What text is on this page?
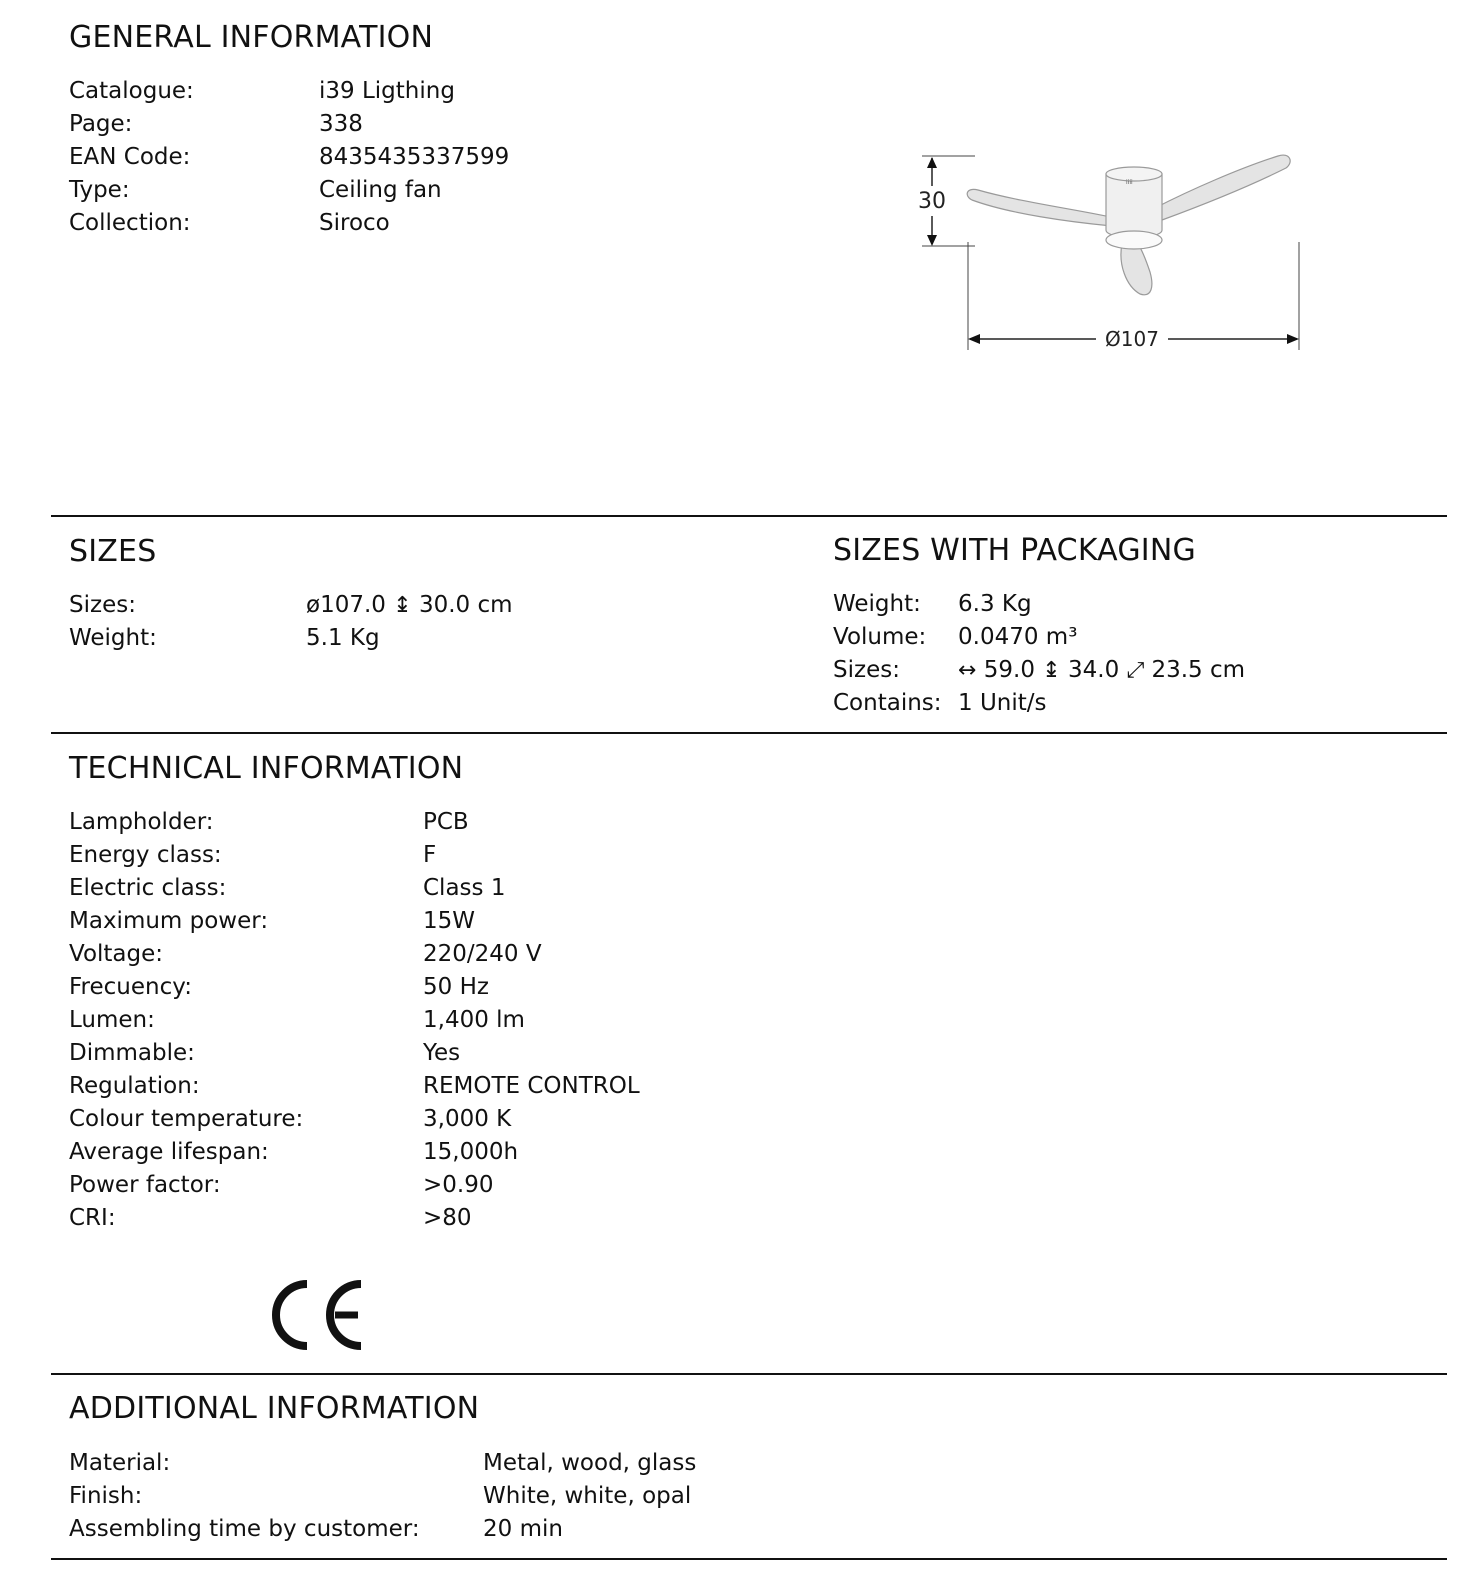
GENERAL INFORMATION
Catalogue:	i39 Ligthing
Page:	338
EAN Code:	8435435337599
Type:	Ceiling fan
Collection:	Siroco
30
iiii
Ø107
SIZES
Sizes:	ø107.0 ↨ 30.0 cm
Weight:	5.1 Kg
SIZES WITH PACKAGING
Weight: 6.3 Kg
Volume: 0.0470 m³
Sizes:	↔ 59.0 ↨ 34.0 ⤢ 23.5 cm
Contains: 1 Unit/s
TECHNICAL INFORMATION
Lampholder:	PCB
Energy class:	F
Electric class:	Class 1
Maximum power:	15W
Voltage:	220/240 V
Frecuency:	50 Hz
Lumen:	1,400 lm
Dimmable:	Yes
Regulation:	REMOTE CONTROL
Colour temperature:	3,000 K
Average lifespan:	15,000h
Power factor:	>0.90
CRI:	>80
ADDITIONAL INFORMATION
Material:	Metal, wood, glass
Finish:	White, white, opal
Assembling time by customer:	20 min
